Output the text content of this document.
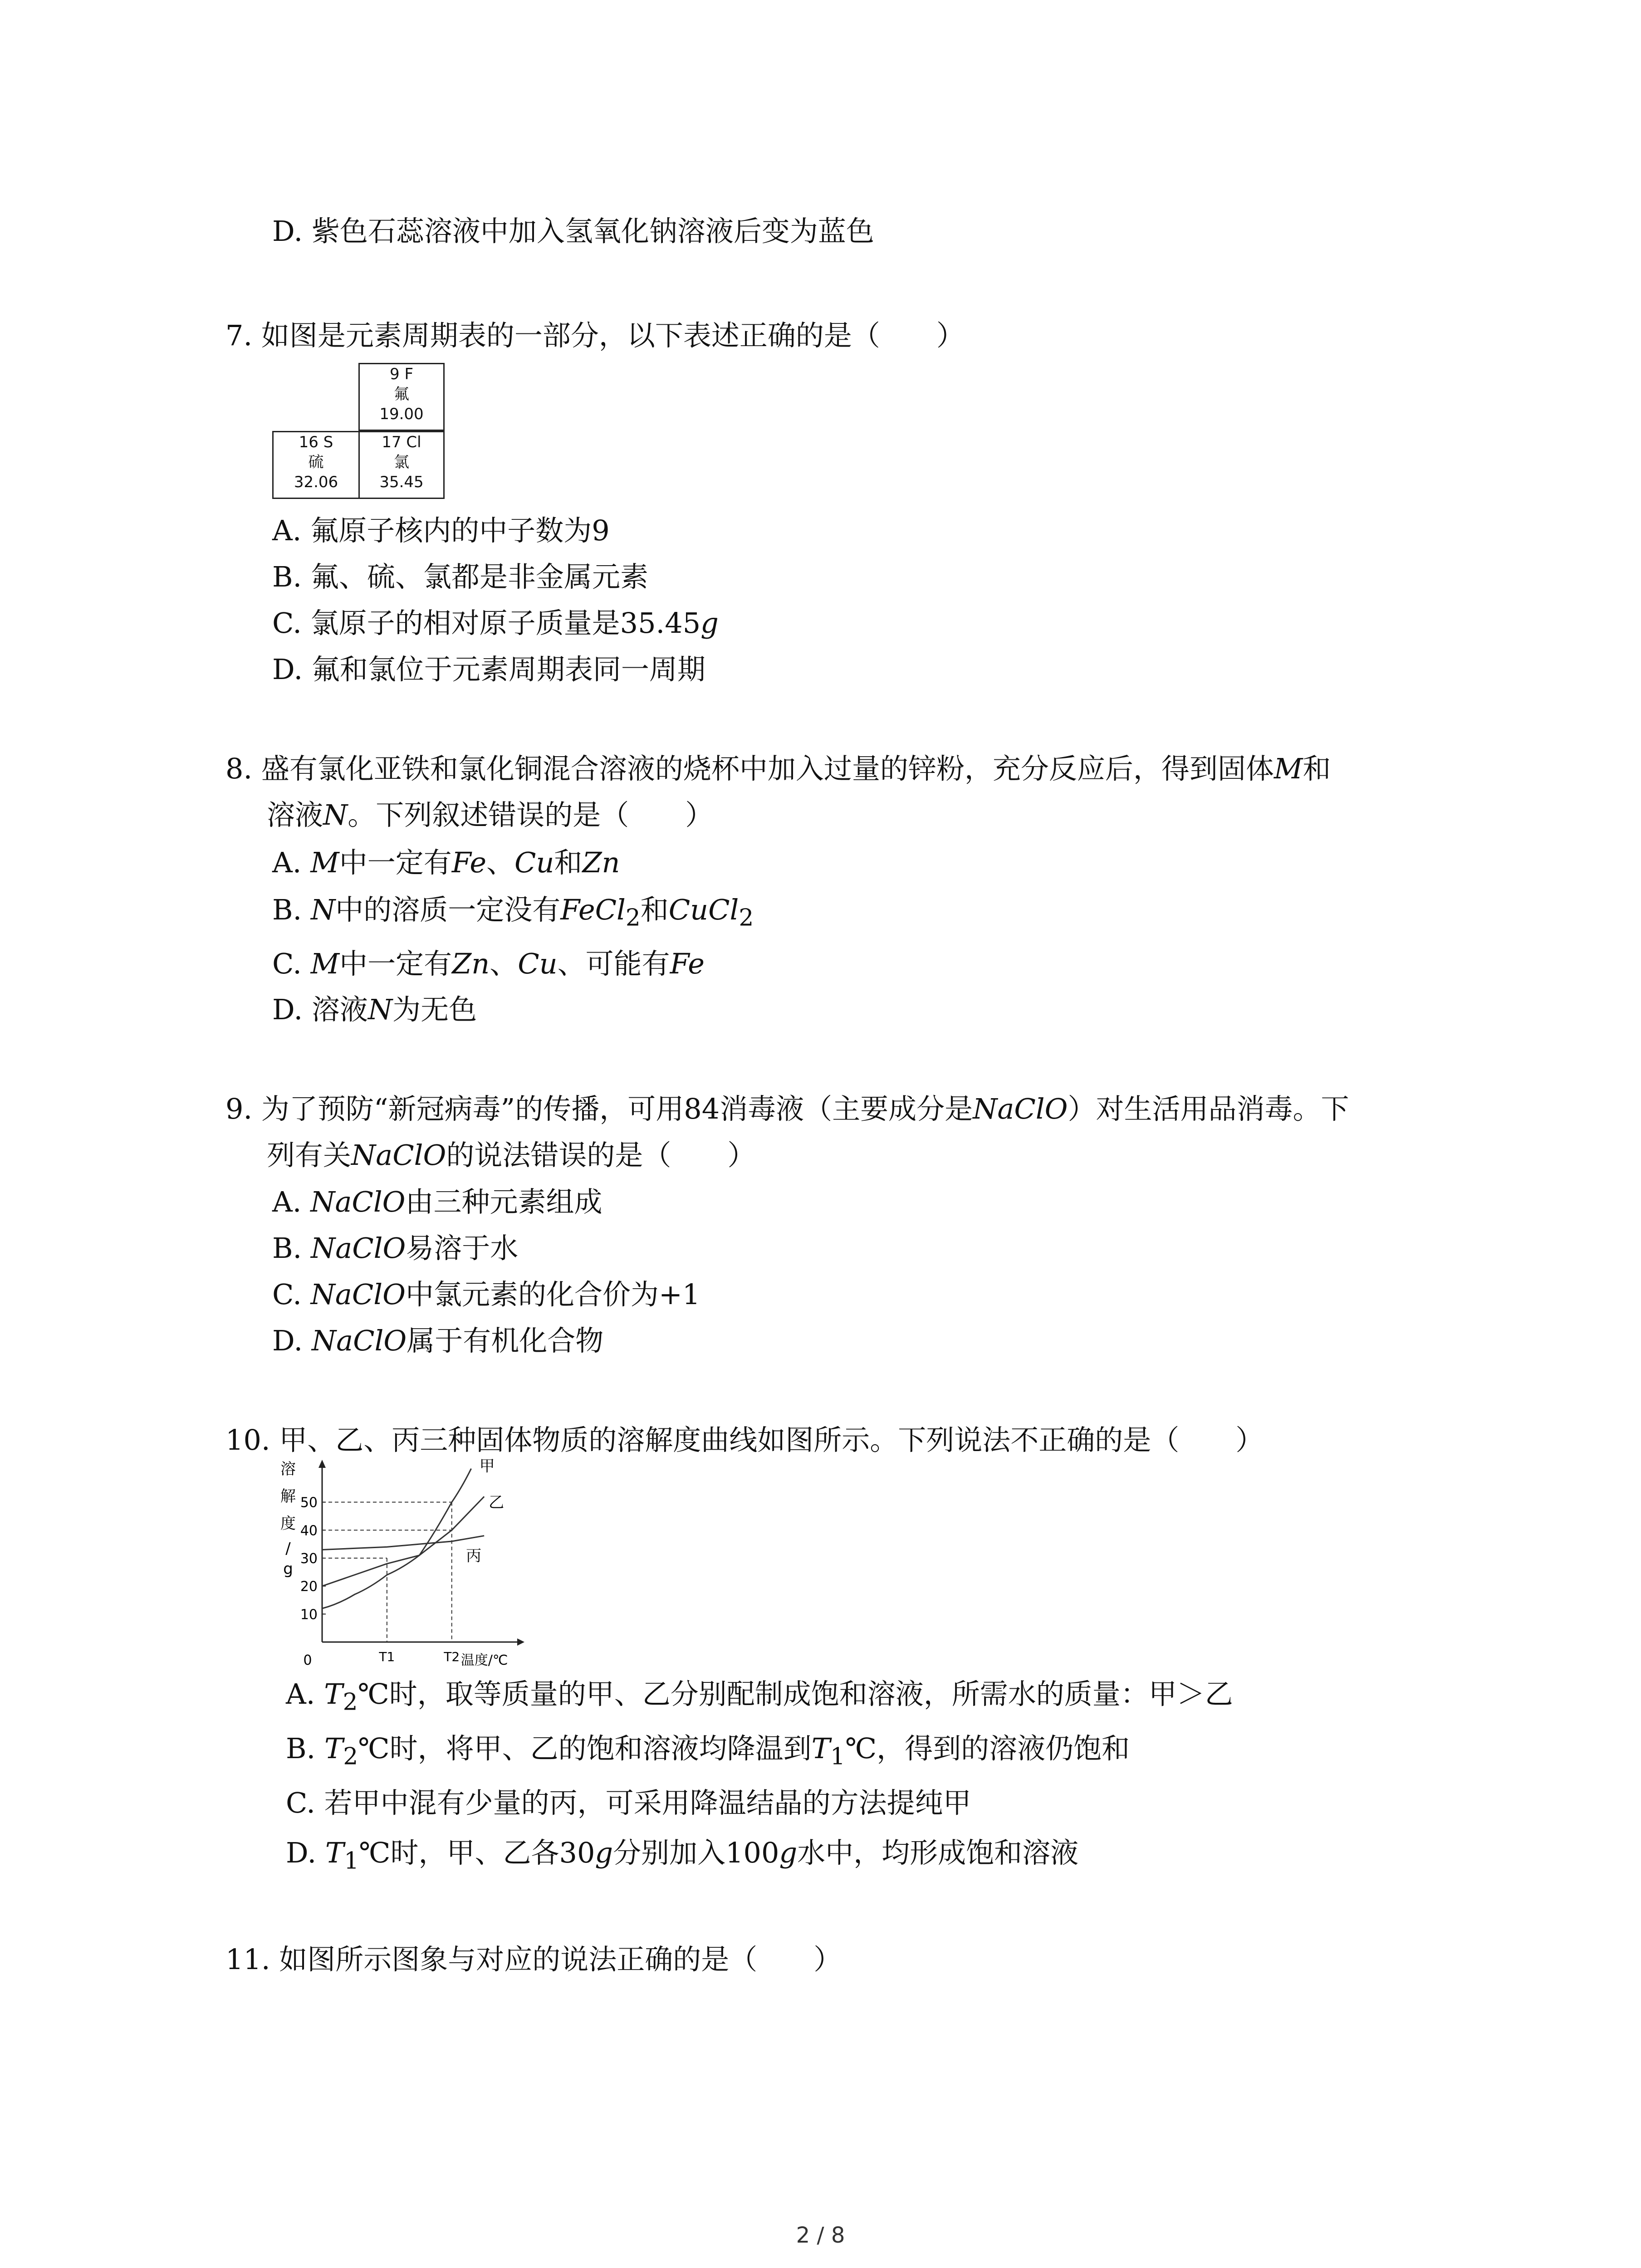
D. 紫色石蕊溶液中加入氢氧化钠溶液后变为蓝色
7. 如图是元素周期表的一部分，以下表述正确的是（　　）
9 F
氟
19.00
16 S
硫
32.06
17 Cl
氯
35.45
A. 氟原子核内的中子数为9
B. 氟、硫、氯都是非金属元素
C. 氯原子的相对原子质量是35.45g
D. 氟和氯位于元素周期表同一周期
8. 盛有氯化亚铁和氯化铜混合溶液的烧杯中加入过量的锌粉，充分反应后，得到固体M和
溶液N。下列叙述错误的是（　　）
A. M中一定有Fe、Cu和Zn
B. N中的溶质一定没有FeCl$_2$和CuCl$_2$
C. M中一定有Zn、Cu、可能有Fe
D. 溶液N为无色
9. 为了预防“新冠病毒”的传播，可用84消毒液（主要成分是NaClO）对生活用品消毒。下
列有关NaClO的说法错误的是（　　）
A. NaClO由三种元素组成
B. NaClO易溶于水
C. NaClO中氯元素的化合价为+1
D. NaClO属于有机化合物
10. 甲、乙、丙三种固体物质的溶解度曲线如图所示。下列说法不正确的是（　　）
溶
解
度
/
g
0
10
20
30
40
50
T1	T2 温度/℃
甲
乙
丙
A. $T_2℃$时，取等质量的甲、乙分别配制成饱和溶液，所需水的质量：甲＞乙
B. $T_2℃$时，将甲、乙的饱和溶液均降温到$T_1℃$，得到的溶液仍饱和
C. 若甲中混有少量的丙，可采用降温结晶的方法提纯甲
D. $T_1℃$时，甲、乙各30g分别加入100g水中，均形成饱和溶液
11. 如图所示图象与对应的说法正确的是（　　）
2 / 8
